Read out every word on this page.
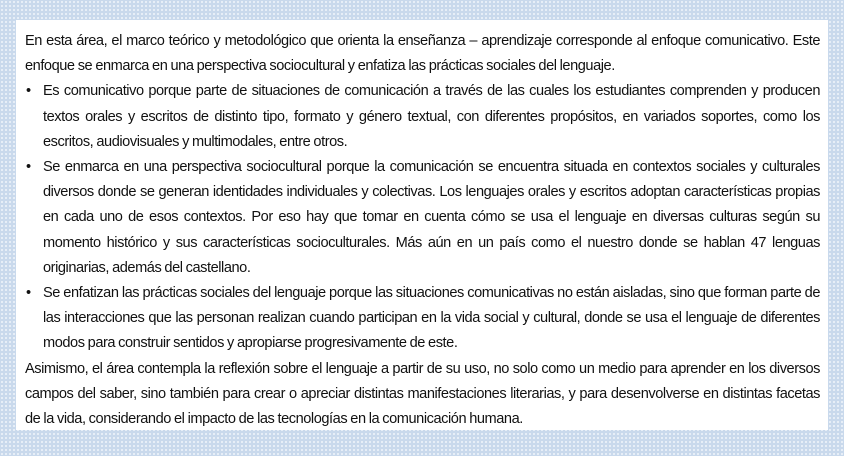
En esta área, el marco teórico y metodológico que orienta la enseñanza – aprendizaje corresponde al enfoque comunicativo. Este enfoque se enmarca en una perspectiva sociocultural y enfatiza las prácticas sociales del lenguaje.

• Es comunicativo porque parte de situaciones de comunicación a través de las cuales los estudiantes comprenden y producen textos orales y escritos de distinto tipo, formato y género textual, con diferentes propósitos, en variados soportes, como los escritos, audiovisuales y multimodales, entre otros.
• Se enmarca en una perspectiva sociocultural porque la comunicación se encuentra situada en contextos sociales y culturales diversos donde se generan identidades individuales y colectivas. Los lenguajes orales y escritos adoptan características propias en cada uno de esos contextos. Por eso hay que tomar en cuenta cómo se usa el lenguaje en diversas culturas según su momento histórico y sus características socioculturales. Más aún en un país como el nuestro donde se hablan 47 lenguas originarias, además del castellano.
• Se enfatizan las prácticas sociales del lenguaje porque las situaciones comunicativas no están aisladas, sino que forman parte de las interacciones que las personan realizan cuando participan en la vida social y cultural, donde se usa el lenguaje de diferentes modos para construir sentidos y apropiarse progresivamente de este.

Asimismo, el área contempla la reflexión sobre el lenguaje a partir de su uso, no solo como un medio para aprender en los diversos campos del saber, sino también para crear o apreciar distintas manifestaciones literarias, y para desenvolverse en distintas facetas de la vida, considerando el impacto de las tecnologías en la comunicación humana.
